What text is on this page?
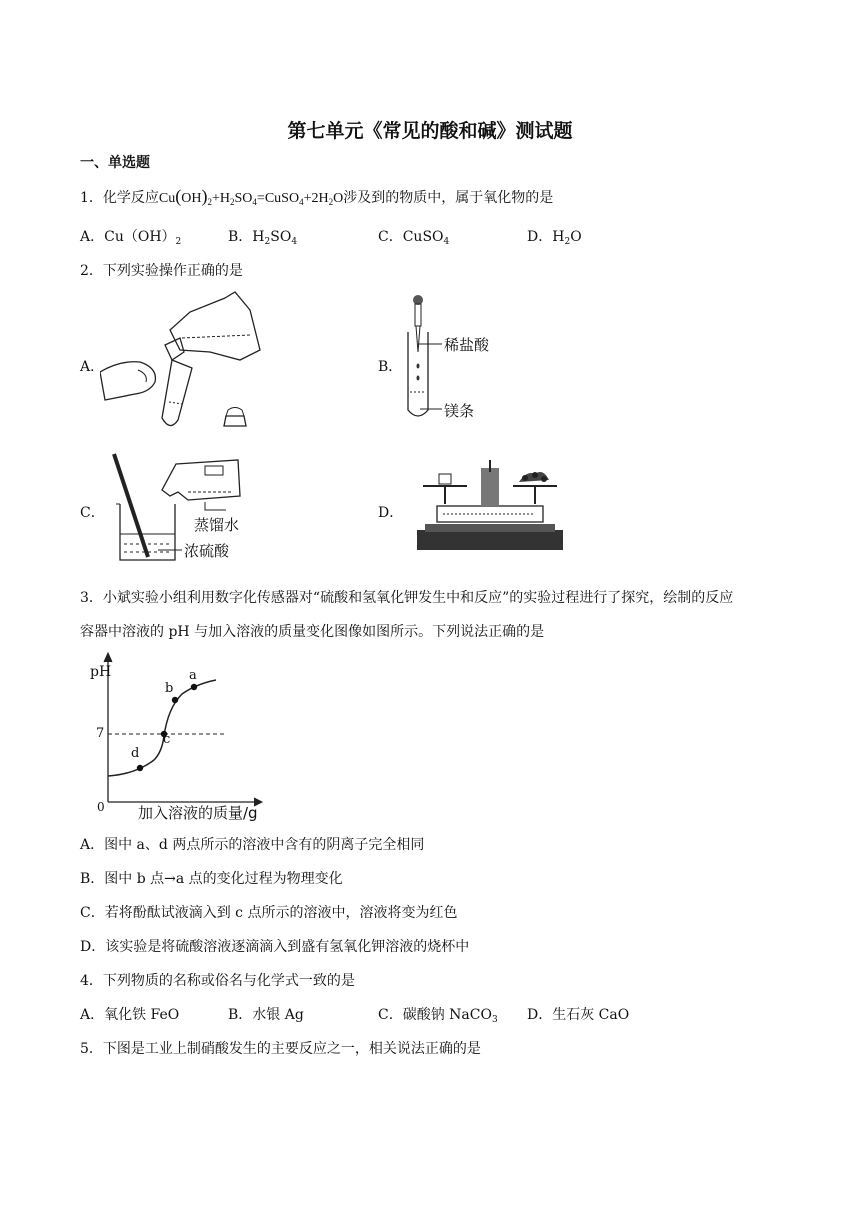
第七单元《常见的酸和碱》测试题
一、单选题
1．化学反应$Cu(OH)_2+H_2SO_4=CuSO_4+2H_2O$涉及到的物质中，属于氧化物的是
A．$Cu(OH)_2$	B．$H_2SO_4$	C．CuSO$_4$	D．$H_2O$
2．下列实验操作正确的是
A．	B．
C．	D．
稀盐酸
镁条
蒸馏水
浓硫酸
3．小斌实验小组利用数字化传感器对“硫酸和氢氧化钾发生中和反应”的实验过程进行了探究，绘制的反应
容器中溶液的 pH 与加入溶液的质量变化图像如图所示。下列说法正确的是
pH
7
0
a
b
c
d
加入溶液的质量/g
A．图中 a、d 两点所示的溶液中含有的阴离子完全相同
B．图中 b 点→a 点的变化过程为物理变化
C．若将酚酞试液滴入到 c 点所示的溶液中，溶液将变为红色
D．该实验是将硫酸溶液逐滴滴入到盛有氢氧化钾溶液的烧杯中
4．下列物质的名称或俗名与化学式一致的是
A．氧化铁 FeO	B．水银 Ag	C．碳酸钠 NaCO$_3$ D．生石灰 CaO
5．下图是工业上制硝酸发生的主要反应之一，相关说法正确的是
